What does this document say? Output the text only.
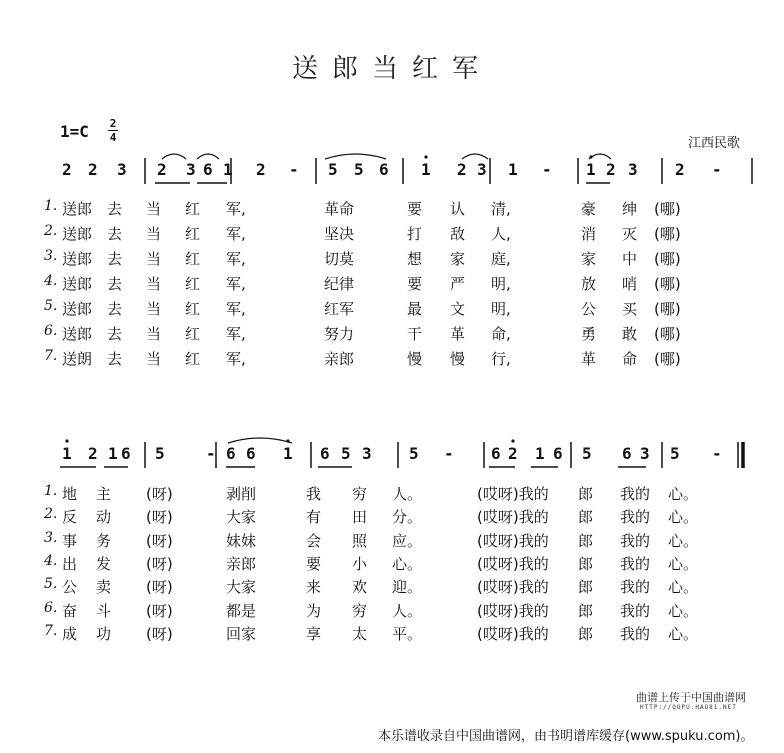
送郎当红军
1=C 2
4	江西民歌
2 2 3 2 3 6 1 2 - 5 5 6 1 2 3 1 - 1 2 3 2 -
1. 送郎 去 当 红 军,	革命	要 认 清,	豪 绅 (哪)
2. 送郎 去 当 红 军,	坚决	打 敌 人,	消 灭 (哪)
3. 送郎 去 当 红 军,	切莫	想 家 庭,	家 中 (哪)
4. 送郎 去 当 红 军,	纪律	要 严 明,	放 哨 (哪)
5. 送郎 去 当 红 军,	红军	最 文 明,	公 买 (哪)
6. 送郎 去 当 红 军,	努力	干 革 命,	勇 敢 (哪)
7. 送朗 去 当 红 军,	亲郎	慢 慢 行,	革 命 (哪)
1 2 1 6 5	- 6 6 1 6 5 3 5 - 6 2 1 6 5 6 3 5 -
1. 地 主 (呀)	剥削	我 穷 人。	(哎呀)我的 郎 我的 心。
2. 反 动 (呀)	大家	有 田 分。	(哎呀)我的 郎 我的 心。
3. 事 务 (呀)	妹妹	会 照 应。	(哎呀)我的 郎 我的 心。
4. 出 发 (呀)	亲郎	要 小 心。	(哎呀)我的 郎 我的 心。
5. 公 卖 (呀)	大家	来 欢 迎。	(哎呀)我的 郎 我的 心。
6. 奋 斗 (呀)	都是	为 穷 人。	(哎呀)我的 郎 我的 心。
7. 成 功 (呀)	回家	享 太 平。	(哎呀)我的 郎 我的 心。
曲谱上传于中国曲谱网
HTTP://QUPU.HAO81.NET
本乐谱收录自中国曲谱网，由书明谱库缓存(www.spuku.com)。
